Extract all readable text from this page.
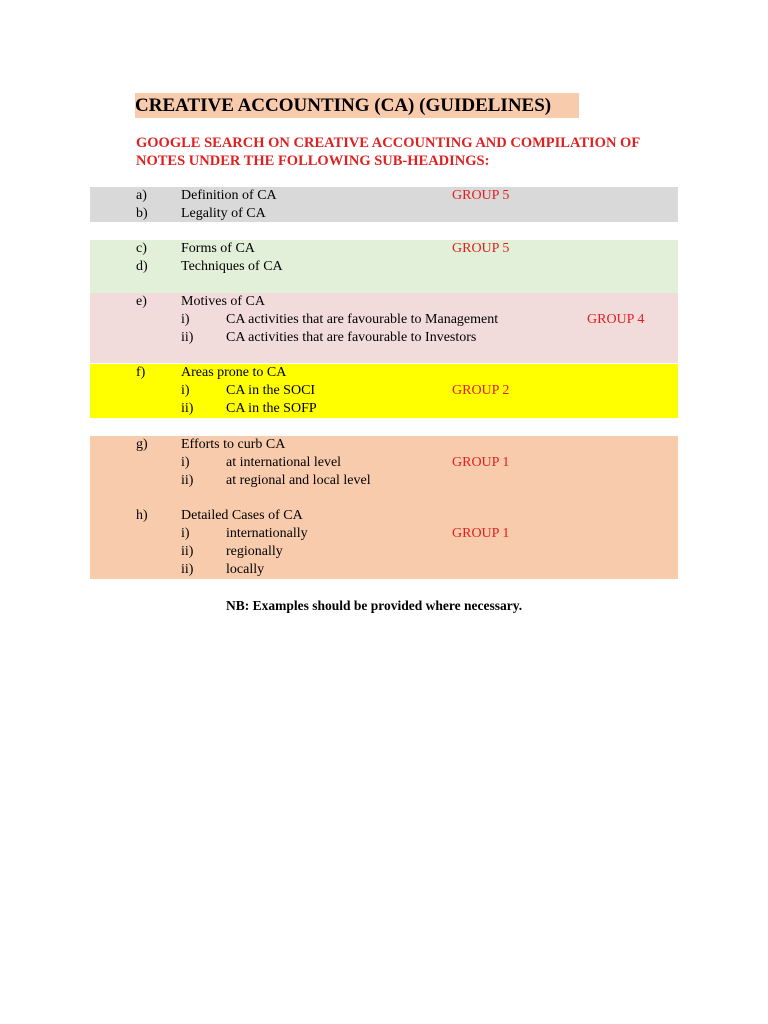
CREATIVE ACCOUNTING (CA) (GUIDELINES)
GOOGLE SEARCH ON CREATIVE ACCOUNTING AND COMPILATION OF NOTES UNDER THE FOLLOWING SUB-HEADINGS:
a) Definition of CA	GROUP 5
b) Legality of CA
c) Forms of CA	GROUP 5
d) Techniques of CA
e) Motives of CA
i)	CA activities that are favourable to Management	GROUP 4
ii) CA activities that are favourable to Investors
f)	Areas prone to CA
i)	CA in the SOCI	GROUP 2
ii) CA in the SOFP
g) Efforts to curb CA
i)	at international level	GROUP 1
ii) at regional and local level
h) Detailed Cases of CA
i)	internationally	GROUP 1
ii) regionally
ii) locally
NB: Examples should be provided where necessary.
